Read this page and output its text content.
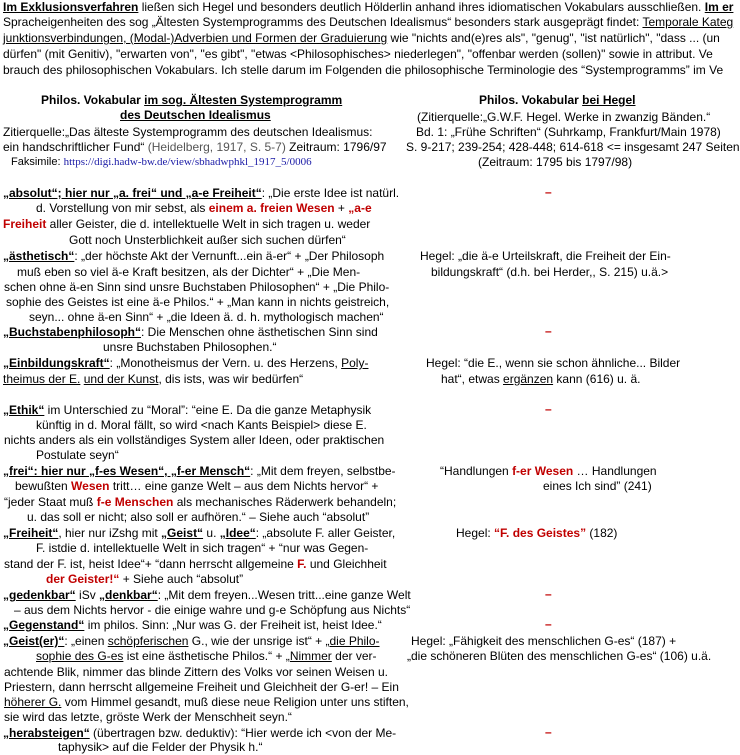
Im Exklusionsverfahren ließen sich Hegel und besonders deutlich Hölderlin anhand ihres idiomatischen Vokabulars ausschließen. Im er
Spracheigenheiten des sog „Ältesten Systemprogramms des Deutschen Idealismus“ besonders stark ausgeprägt findet: Temporale Kateg
junktionsverbindungen, (Modal-)Adverbien und Formen der Graduierung wie "nichts and(e)res als", "genug", "ist natürlich", "dass ... (un
dürfen" (mit Genitiv), "erwarten von", "es gibt", "etwas <Philosophisches> niederlegen", "offenbar werden (sollen)" sowie in attribut. Ve
brauch des philosophischen Vokabulars. Ich stelle darum im Folgenden die philosophische Terminologie des “Systemprogramms” im Ve
Philos. Vokabular im sog. Ältesten Systemprogramm
des Deutschen Idealismus
Zitierquelle:„Das älteste Systemprogramm des deutschen Idealismus:
ein handschriftlicher Fund“ (Heidelberg, 1917, S. 5-7) Zeitraum: 1796/97
Faksimile: https://digi.hadw-bw.de/view/sbhadwphkl_1917_5/0006
Philos. Vokabular bei Hegel
(Zitierquelle:„G.W.F. Hegel. Werke in zwanzig Bänden.“
Bd. 1: „Frühe Schriften“ (Suhrkamp, Frankfurt/Main 1978)
S. 9-217; 239-254; 428-448; 614-618 <= insgesamt 247 Seiten
(Zeitraum: 1795 bis 1797/98)
„absolut“; hier nur „a. frei“ und „a-e Freiheit“: „Die erste Idee ist natürl.
d. Vorstellung von mir sebst, als einem a. freien Wesen + „a-e
Freiheit aller Geister, die d. intellektuelle Welt in sich tragen u. weder
Gott noch Unsterblichkeit außer sich suchen dürfen“
–
„ästhetisch“: „der höchste Akt der Vernunft...ein ä-er“ + „Der Philosoph
muß eben so viel ä-e Kraft besitzen, als der Dichter“ + „Die Men-
schen ohne ä-en Sinn sind unsre Buchstaben Philosophen“ + „Die Philo-
sophie des Geistes ist eine ä-e Philos.“ + „Man kann in nichts geistreich,
seyn... ohne ä-en Sinn“ + „die Ideen ä. d. h. mythologisch machen“
Hegel: „die ä-e Urteilskraft, die Freiheit der Ein-
bildungskraft“ (d.h. bei Herder,, S. 215) u.ä.>
„Buchstabenphilosoph“: Die Menschen ohne ästhetischen Sinn sind
unsre Buchstaben Philosophen.“
–
„Einbildungskraft“: „Monotheismus der Vern. u. des Herzens, Poly-
theimus der E. und der Kunst, dis ists, was wir bedürfen“
Hegel: “die E., wenn sie schon ähnliche... Bilder
hat“, etwas ergänzen kann (616) u. ä.
„Ethik“ im Unterschied zu “Moral”: “eine E. Da die ganze Metaphysik
künftig in d. Moral fällt, so wird <nach Kants Beispiel> diese E.
nichts anders als ein vollständiges System aller Ideen, oder praktischen
Postulate seyn“
–
„frei“: hier nur „f-es Wesen“, „f-er Mensch“: „Mit dem freyen, selbstbe-
bewußten Wesen tritt… eine ganze Welt – aus dem Nichts hervor“ +
“jeder Staat muß f-e Menschen als mechanisches Räderwerk behandeln;
u. das soll er nicht; also soll er aufhören.“ – Siehe auch “absolut”
“Handlungen f-er Wesen … Handlungen
eines Ich sind” (241)
„Freiheit“, hier nur iZshg mit „Geist“ u. „Idee“: „absolute F. aller Geister,
F. istdie d. intellektuelle Welt in sich tragen“ + “nur was Gegen-
stand der F. ist, heist Idee“+ “dann herrscht allgemeine F. und Gleichheit
der Geister!“ + Siehe auch “absolut”
Hegel: “F. des Geistes” (182)
„gedenkbar“ iSv „denkbar“: „Mit dem freyen...Wesen tritt...eine ganze Welt
– aus dem Nichts hervor - die einige wahre und g-e Schöpfung aus Nichts“
–
„Gegenstand“ im philos. Sinn: „Nur was G. der Freiheit ist, heist Idee.“	–
„Geist(er)“: „einen schöpferischen G., wie der unsrige ist“ + „die Philo-
sophie des G-es ist eine ästhetische Philos.“ + „Nimmer der ver-
achtende Blik, nimmer das blinde Zittern des Volks vor seinen Weisen u.
Priestern, dann herrscht allgemeine Freiheit und Gleichheit der G-er! – Ein
höherer G. vom Himmel gesandt, muß diese neue Religion unter uns stiften,
sie wird das letzte, gröste Werk der Menschheit seyn.“
Hegel: „Fähigkeit des menschlichen G-es“ (187) +
„die schöneren Blüten des menschlichen G-es“ (106) u.ä.
„herabsteigen“ (übertragen bzw. deduktiv): “Hier werde ich <von der Me-
taphysik> auf die Felder der Physik h.“
–
